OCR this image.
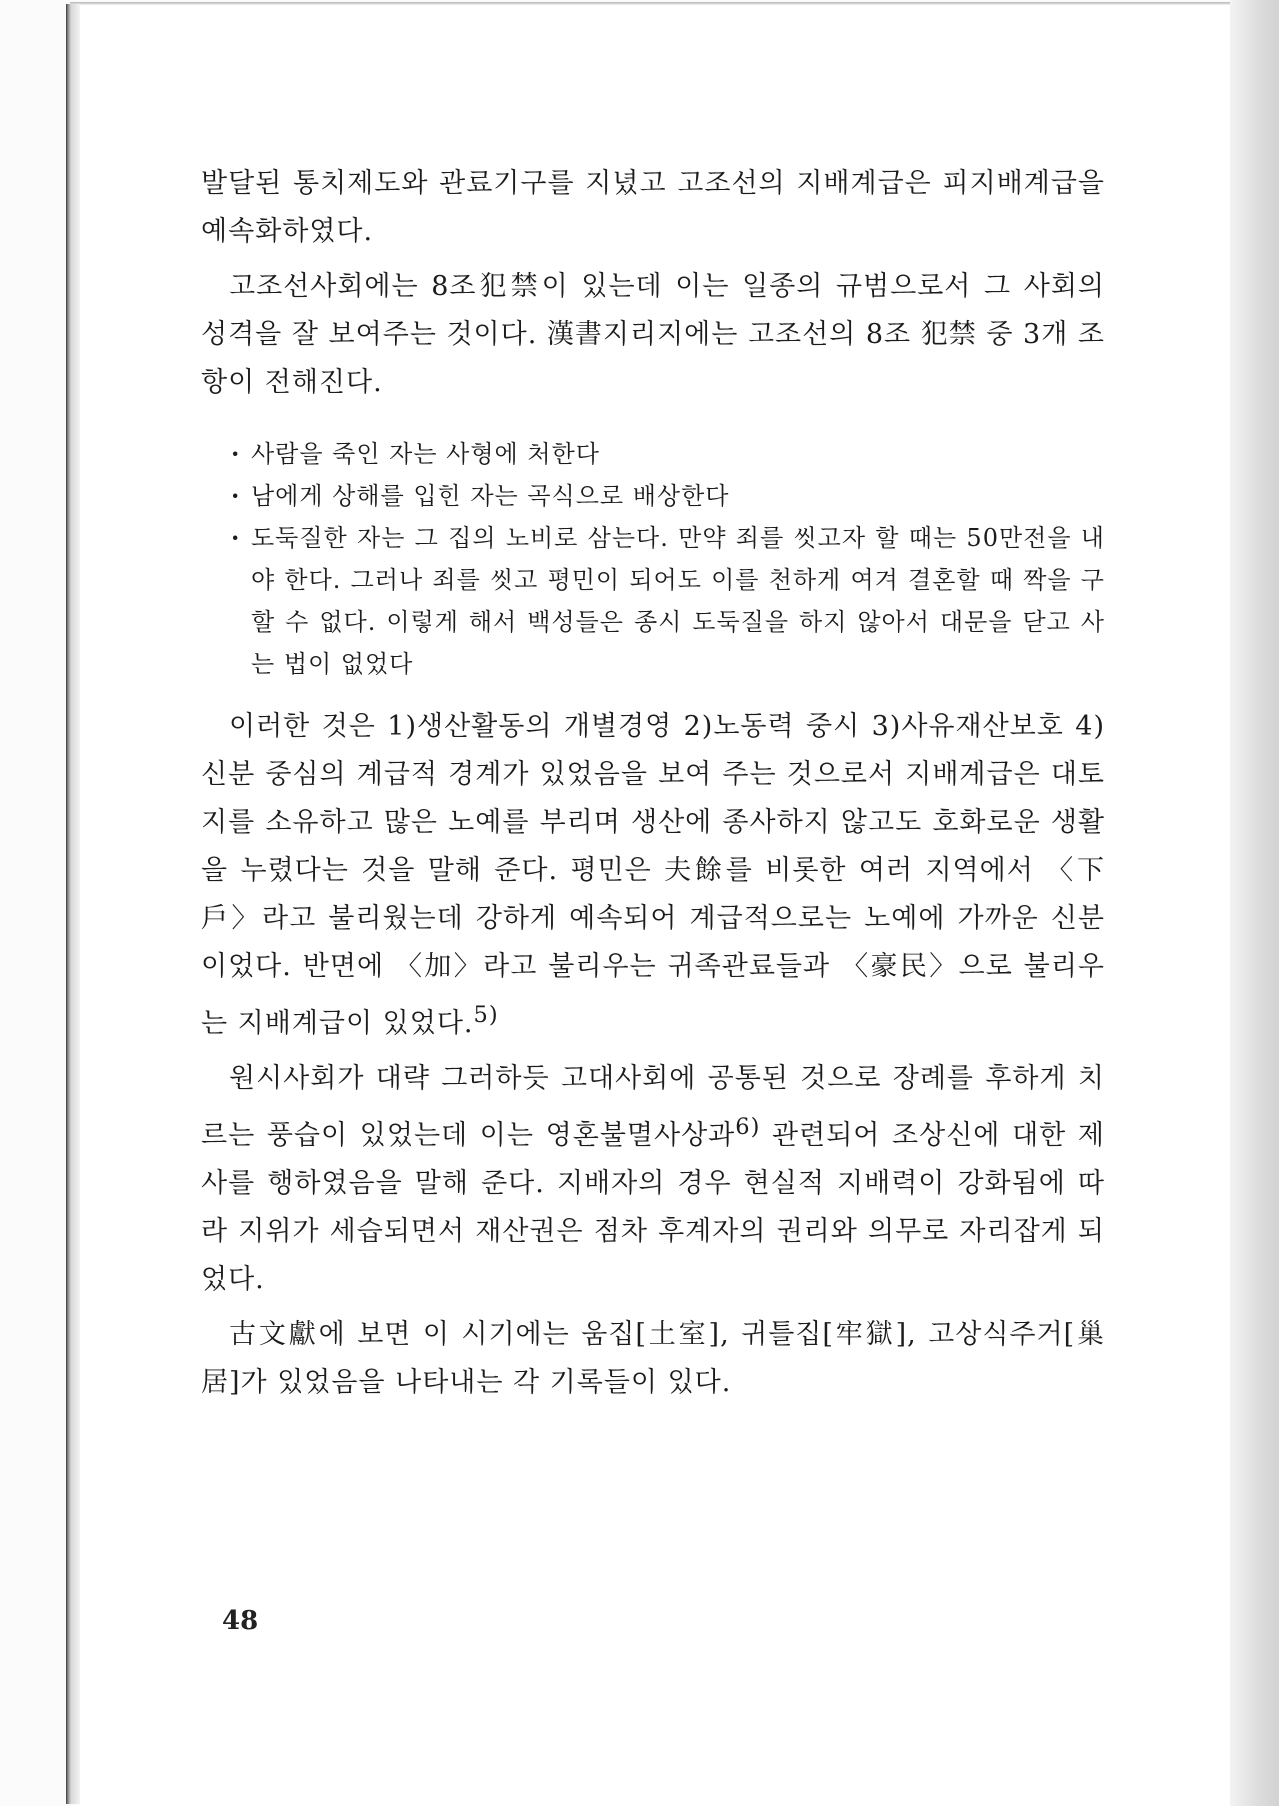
발달된 통치제도와 관료기구를 지녔고 고조선의 지배계급은 피지배계급을 예속화하였다.

고조선사회에는 8조犯禁이 있는데 이는 일종의 규범으로서 그 사회의 성격을 잘 보여주는 것이다. 漢書지리지에는 고조선의 8조 犯禁 중 3개 조항이 전해진다.

· 사람을 죽인 자는 사형에 처한다
· 남에게 상해를 입힌 자는 곡식으로 배상한다
· 도둑질한 자는 그 집의 노비로 삼는다. 만약 죄를 씻고자 할 때는 50만전을 내야 한다. 그러나 죄를 씻고 평민이 되어도 이를 천하게 여겨 결혼할 때 짝을 구할 수 없다. 이렇게 해서 백성들은 종시 도둑질을 하지 않아서 대문을 닫고 사는 법이 없었다

이러한 것은 1)생산활동의 개별경영 2)노동력 중시 3)사유재산보호 4)신분 중심의 계급적 경계가 있었음을 보여 주는 것으로서 지배계급은 대토지를 소유하고 많은 노예를 부리며 생산에 종사하지 않고도 호화로운 생활을 누렸다는 것을 말해 준다. 평민은 夫餘를 비롯한 여러 지역에서 〈下戶〉라고 불리웠는데 강하게 예속되어 계급적으로는 노예에 가까운 신분이었다. 반면에 〈加〉라고 불리우는 귀족관료들과 〈豪民〉으로 불리우는 지배계급이 있었다.$^{5)}$

원시사회가 대략 그러하듯 고대사회에 공통된 것으로 장례를 후하게 치르는 풍습이 있었는데 이는 영혼불멸사상과$^{6)}$ 관련되어 조상신에 대한 제사를 행하였음을 말해 준다. 지배자의 경우 현실적 지배력이 강화됨에 따라 지위가 세습되면서 재산권은 점차 후계자의 권리와 의무로 자리잡게 되었다.

古文獻에 보면 이 시기에는 움집[土室], 귀틀집[牢獄], 고상식주거[巢居]가 있었음을 나타내는 각 기록들이 있다.

48
